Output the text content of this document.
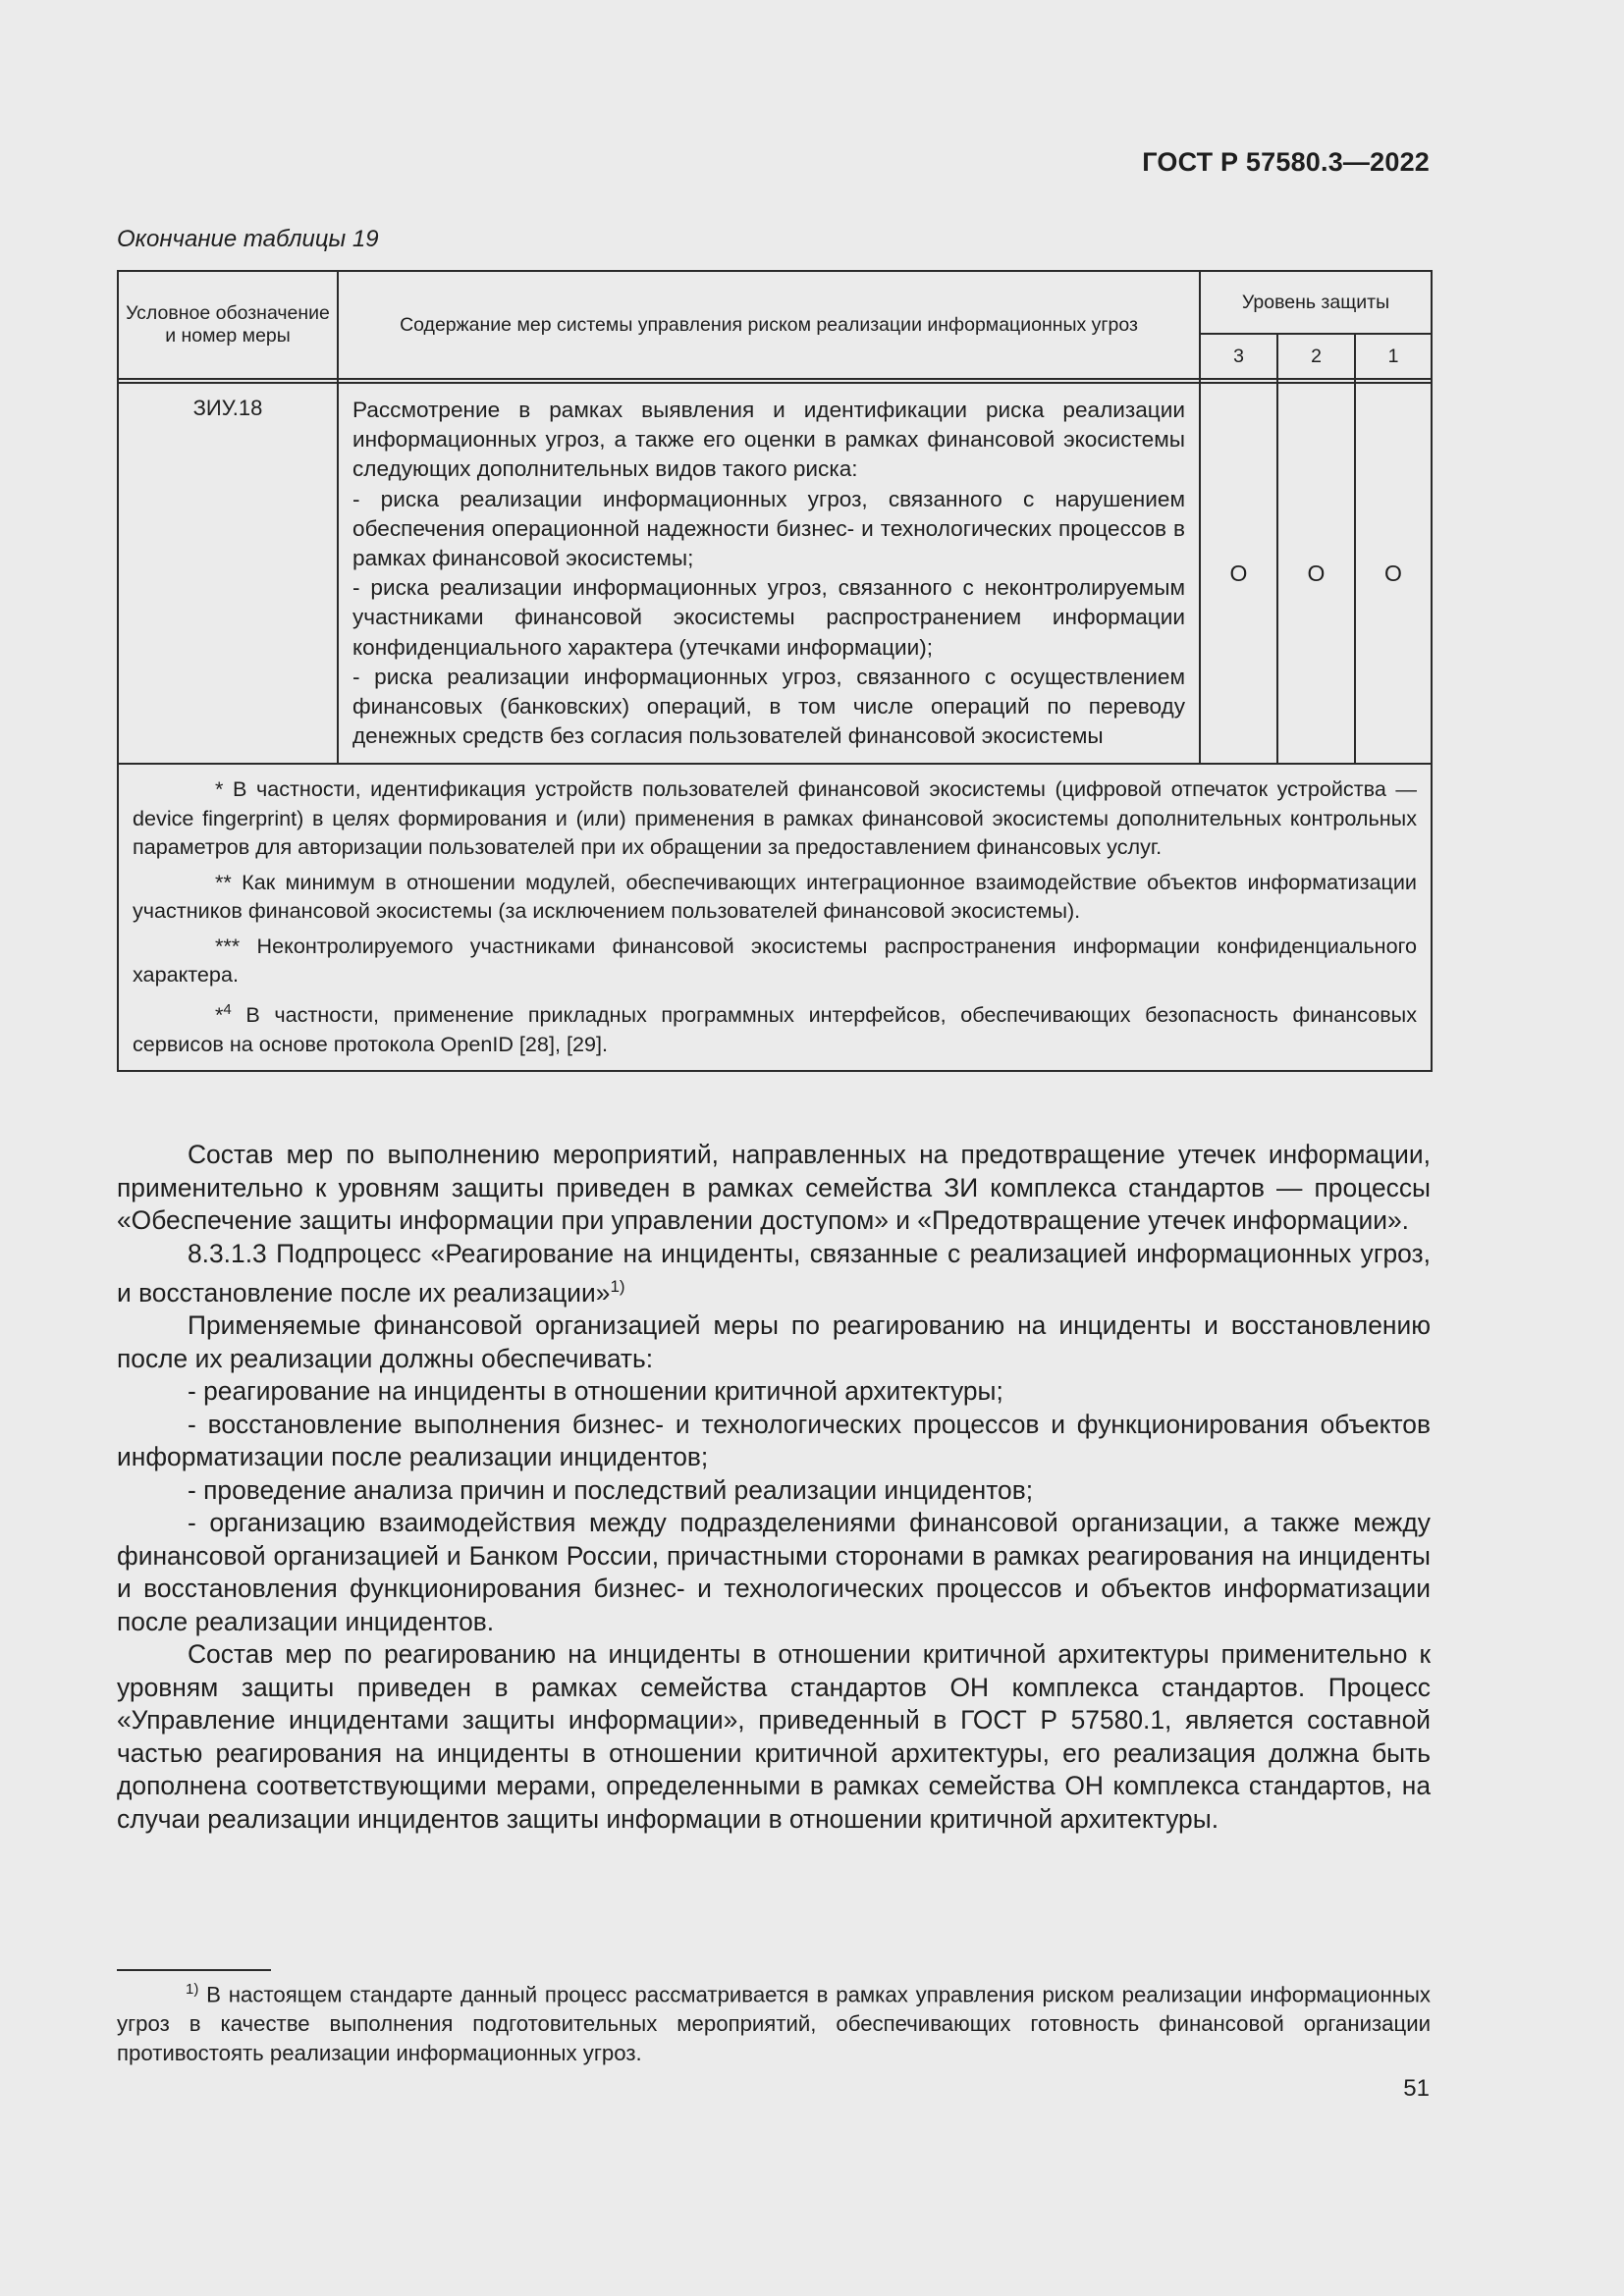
ГОСТ Р 57580.3—2022
Окончание таблицы 19
Условное обозначение и номер меры	Содержание мер системы управления риском реализации информационных угроз	Уровень защиты		
		3	2	1

ЗИУ.18	Рассмотрение в рамках выявления и идентификации риска реализации информационных угроз, а также его оценки в рамках финансовой экосистемы следующих дополнительных видов такого риска:

- риска реализации информационных угроз, связанного с нарушением обеспечения операционной надежности бизнес- и технологических процессов в рамках финансовой экосистемы;

- риска реализации информационных угроз, связанного с неконтролируемым участниками финансовой экосистемы распространением информации конфиденциального характера (утечками информации);

- риска реализации информационных угроз, связанного с осуществлением финансовых (банковских) операций, в том числе операций по переводу денежных средств без согласия пользователей финансовой экосистемы	О	О	О

* В частности, идентификация устройств пользователей финансовой экосистемы (цифровой отпечаток устройства — device fingerprint) в целях формирования и (или) применения в рамках финансовой экосистемы дополнительных контрольных параметров для авторизации пользователей при их обращении за предоставлением финансовых услуг.

** Как минимум в отношении модулей, обеспечивающих интеграционное взаимодействие объектов информатизации участников финансовой экосистемы (за исключением пользователей финансовой экосистемы).

*** Неконтролируемого участниками финансовой экосистемы распространения информации конфиденциального характера.

*$^4$ В частности, применение прикладных программных интерфейсов, обеспечивающих безопасность финансовых сервисов на основе протокола OpenID [28], [29].				

Состав мер по выполнению мероприятий, направленных на предотвращение утечек информации, применительно к уровням защиты приведен в рамках семейства ЗИ комплекса стандартов — процессы «Обеспечение защиты информации при управлении доступом» и «Предотвращение утечек информации».

8.3.1.3 Подпроцесс «Реагирование на инциденты, связанные с реализацией информационных угроз, и восстановление после их реализации»$^{1)}$

Применяемые финансовой организацией меры по реагированию на инциденты и восстановлению после их реализации должны обеспечивать:

- реагирование на инциденты в отношении критичной архитектуры;

- восстановление выполнения бизнес- и технологических процессов и функционирования объектов информатизации после реализации инцидентов;

- проведение анализа причин и последствий реализации инцидентов;

- организацию взаимодействия между подразделениями финансовой организации, а также между финансовой организацией и Банком России, причастными сторонами в рамках реагирования на инциденты и восстановления функционирования бизнес- и технологических процессов и объектов информатизации после реализации инцидентов.

Состав мер по реагированию на инциденты в отношении критичной архитектуры применительно к уровням защиты приведен в рамках семейства стандартов ОН комплекса стандартов. Процесс «Управление инцидентами защиты информации», приведенный в ГОСТ Р 57580.1, является составной частью реагирования на инциденты в отношении критичной архитектуры, его реализация должна быть дополнена соответствующими мерами, определенными в рамках семейства ОН комплекса стандартов, на случаи реализации инцидентов защиты информации в отношении критичной архитектуры.

$^{1)}$ В настоящем стандарте данный процесс рассматривается в рамках управления риском реализации информационных угроз в качестве выполнения подготовительных мероприятий, обеспечивающих готовность финансовой организации противостоять реализации информационных угроз.
51
